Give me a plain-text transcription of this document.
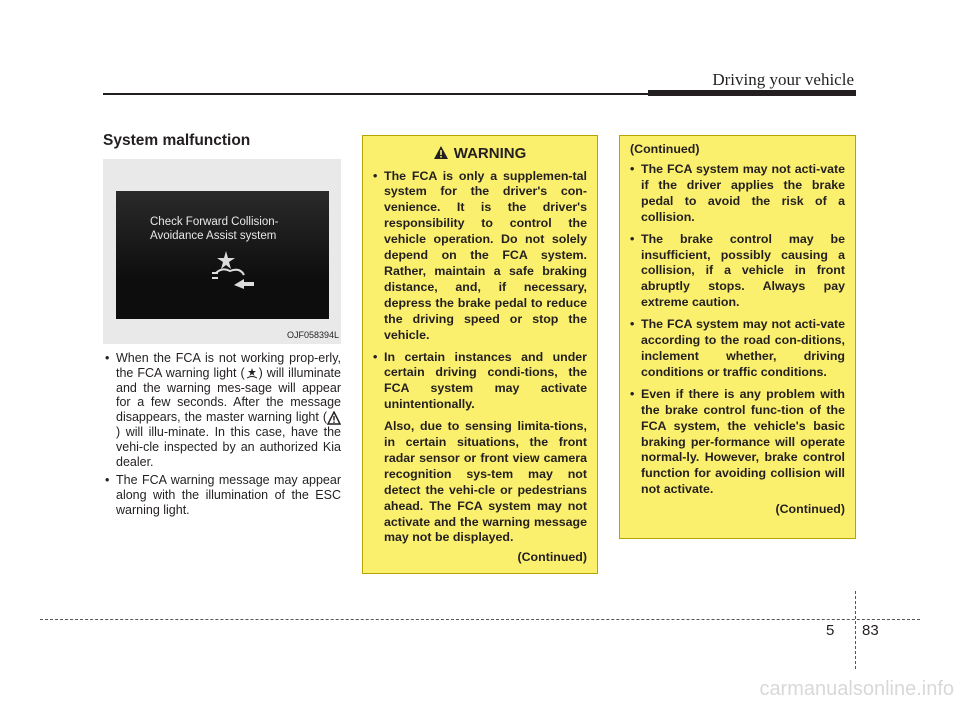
Driving your vehicle
System malfunction
Check Forward Collision-
Avoidance Assist system
OJF058394L
• When the FCA is not working prop-erly, the FCA warning light ( ) will illuminate and the warning mes-sage will appear for a few seconds. After the message disappears, the master warning light () will illu-minate. In this case, have the vehi-cle inspected by an authorized Kia dealer.
• The FCA warning message may appear along with the illumination of the ESC warning light.
WARNING
• The FCA is only a supplemen-tal system for the driver's con-venience. It is the driver's responsibility to control the vehicle operation. Do not solely depend on the FCA system. Rather, maintain a safe braking distance, and, if necessary, depress the brake pedal to reduce the driving speed or stop the vehicle.
• In certain instances and under certain driving condi-tions, the FCA system may activate unintentionally.

Also, due to sensing limita-tions, in certain situations, the front radar sensor or front view camera recognition sys-tem may not detect the vehi-cle or pedestrians ahead. The FCA system may not activate and the warning message may not be displayed.

(Continued)
(Continued)
• The FCA system may not acti-vate if the driver applies the brake pedal to avoid the risk of a collision.
• The brake control may be insufficient, possibly causing a collision, if a vehicle in front abruptly stops. Always pay extreme caution.
• The FCA system may not acti-vate according to the road con-ditions, inclement whether, driving conditions or traffic conditions.
• Even if there is any problem with the brake control func-tion of the FCA system, the vehicle's basic braking per-formance will operate normal-ly. However, brake control function for avoiding collision will not activate.
(Continued)
5 83
carmanualsonline.info
